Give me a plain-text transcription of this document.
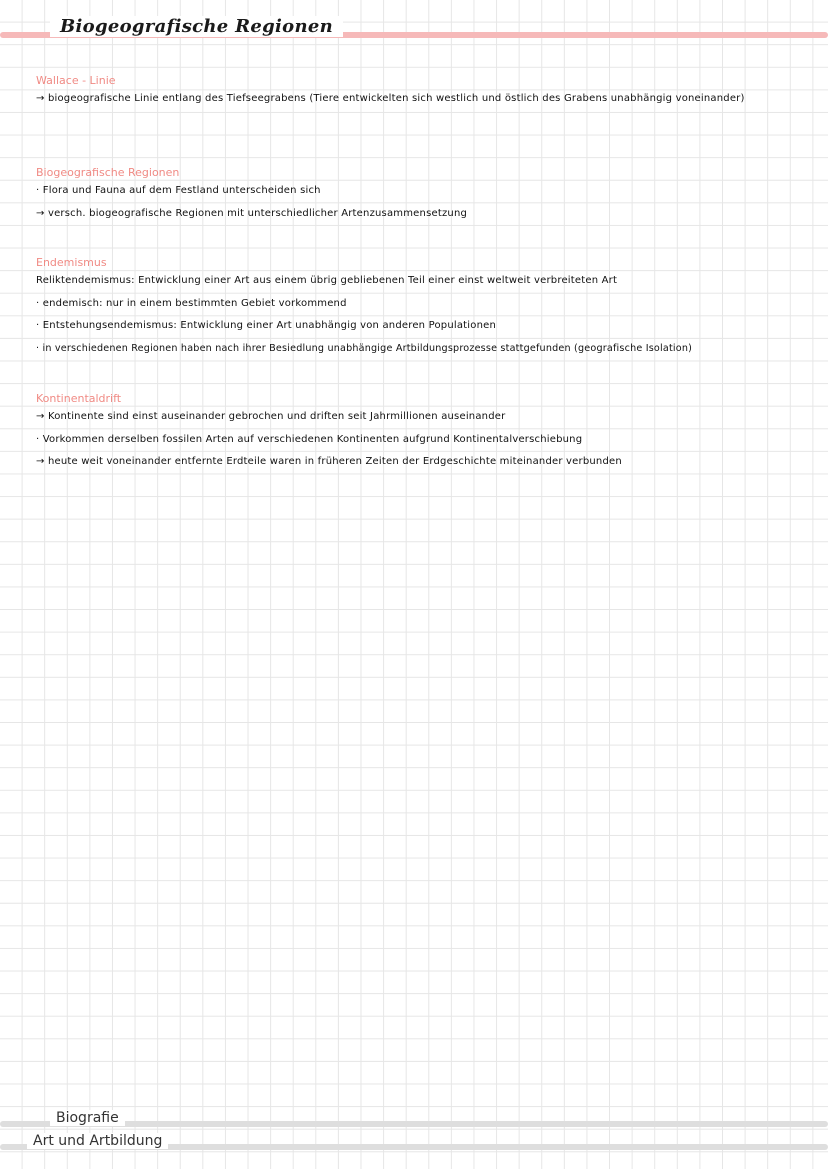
Biogeografische Regionen
Wallace - Linie
→ biogeografische Linie entlang des Tiefseegrabens (Tiere entwickelten sich westlich und östlich des Grabens unabhängig voneinander)
Biogeografische Regionen
· Flora und Fauna auf dem Festland unterscheiden sich
→ versch. biogeografische Regionen mit unterschiedlicher Artenzusammensetzung
Endemismus
Reliktendemismus: Entwicklung einer Art aus einem übrig gebliebenen Teil einer einst weltweit verbreiteten Art
· endemisch: nur in einem bestimmten Gebiet vorkommend
· Entstehungsendemismus: Entwicklung einer Art unabhängig von anderen Populationen
· in verschiedenen Regionen haben nach ihrer Besiedlung unabhängige Artbildungsprozesse stattgefunden (geografische Isolation)
Kontinentaldrift
→ Kontinente sind einst auseinander gebrochen und driften seit Jahrmillionen auseinander
· Vorkommen derselben fossilen Arten auf verschiedenen Kontinenten aufgrund Kontinentalverschiebung
→ heute weit voneinander entfernte Erdteile waren in früheren Zeiten der Erdgeschichte miteinander verbunden
Biografie
Art und Artbildung
